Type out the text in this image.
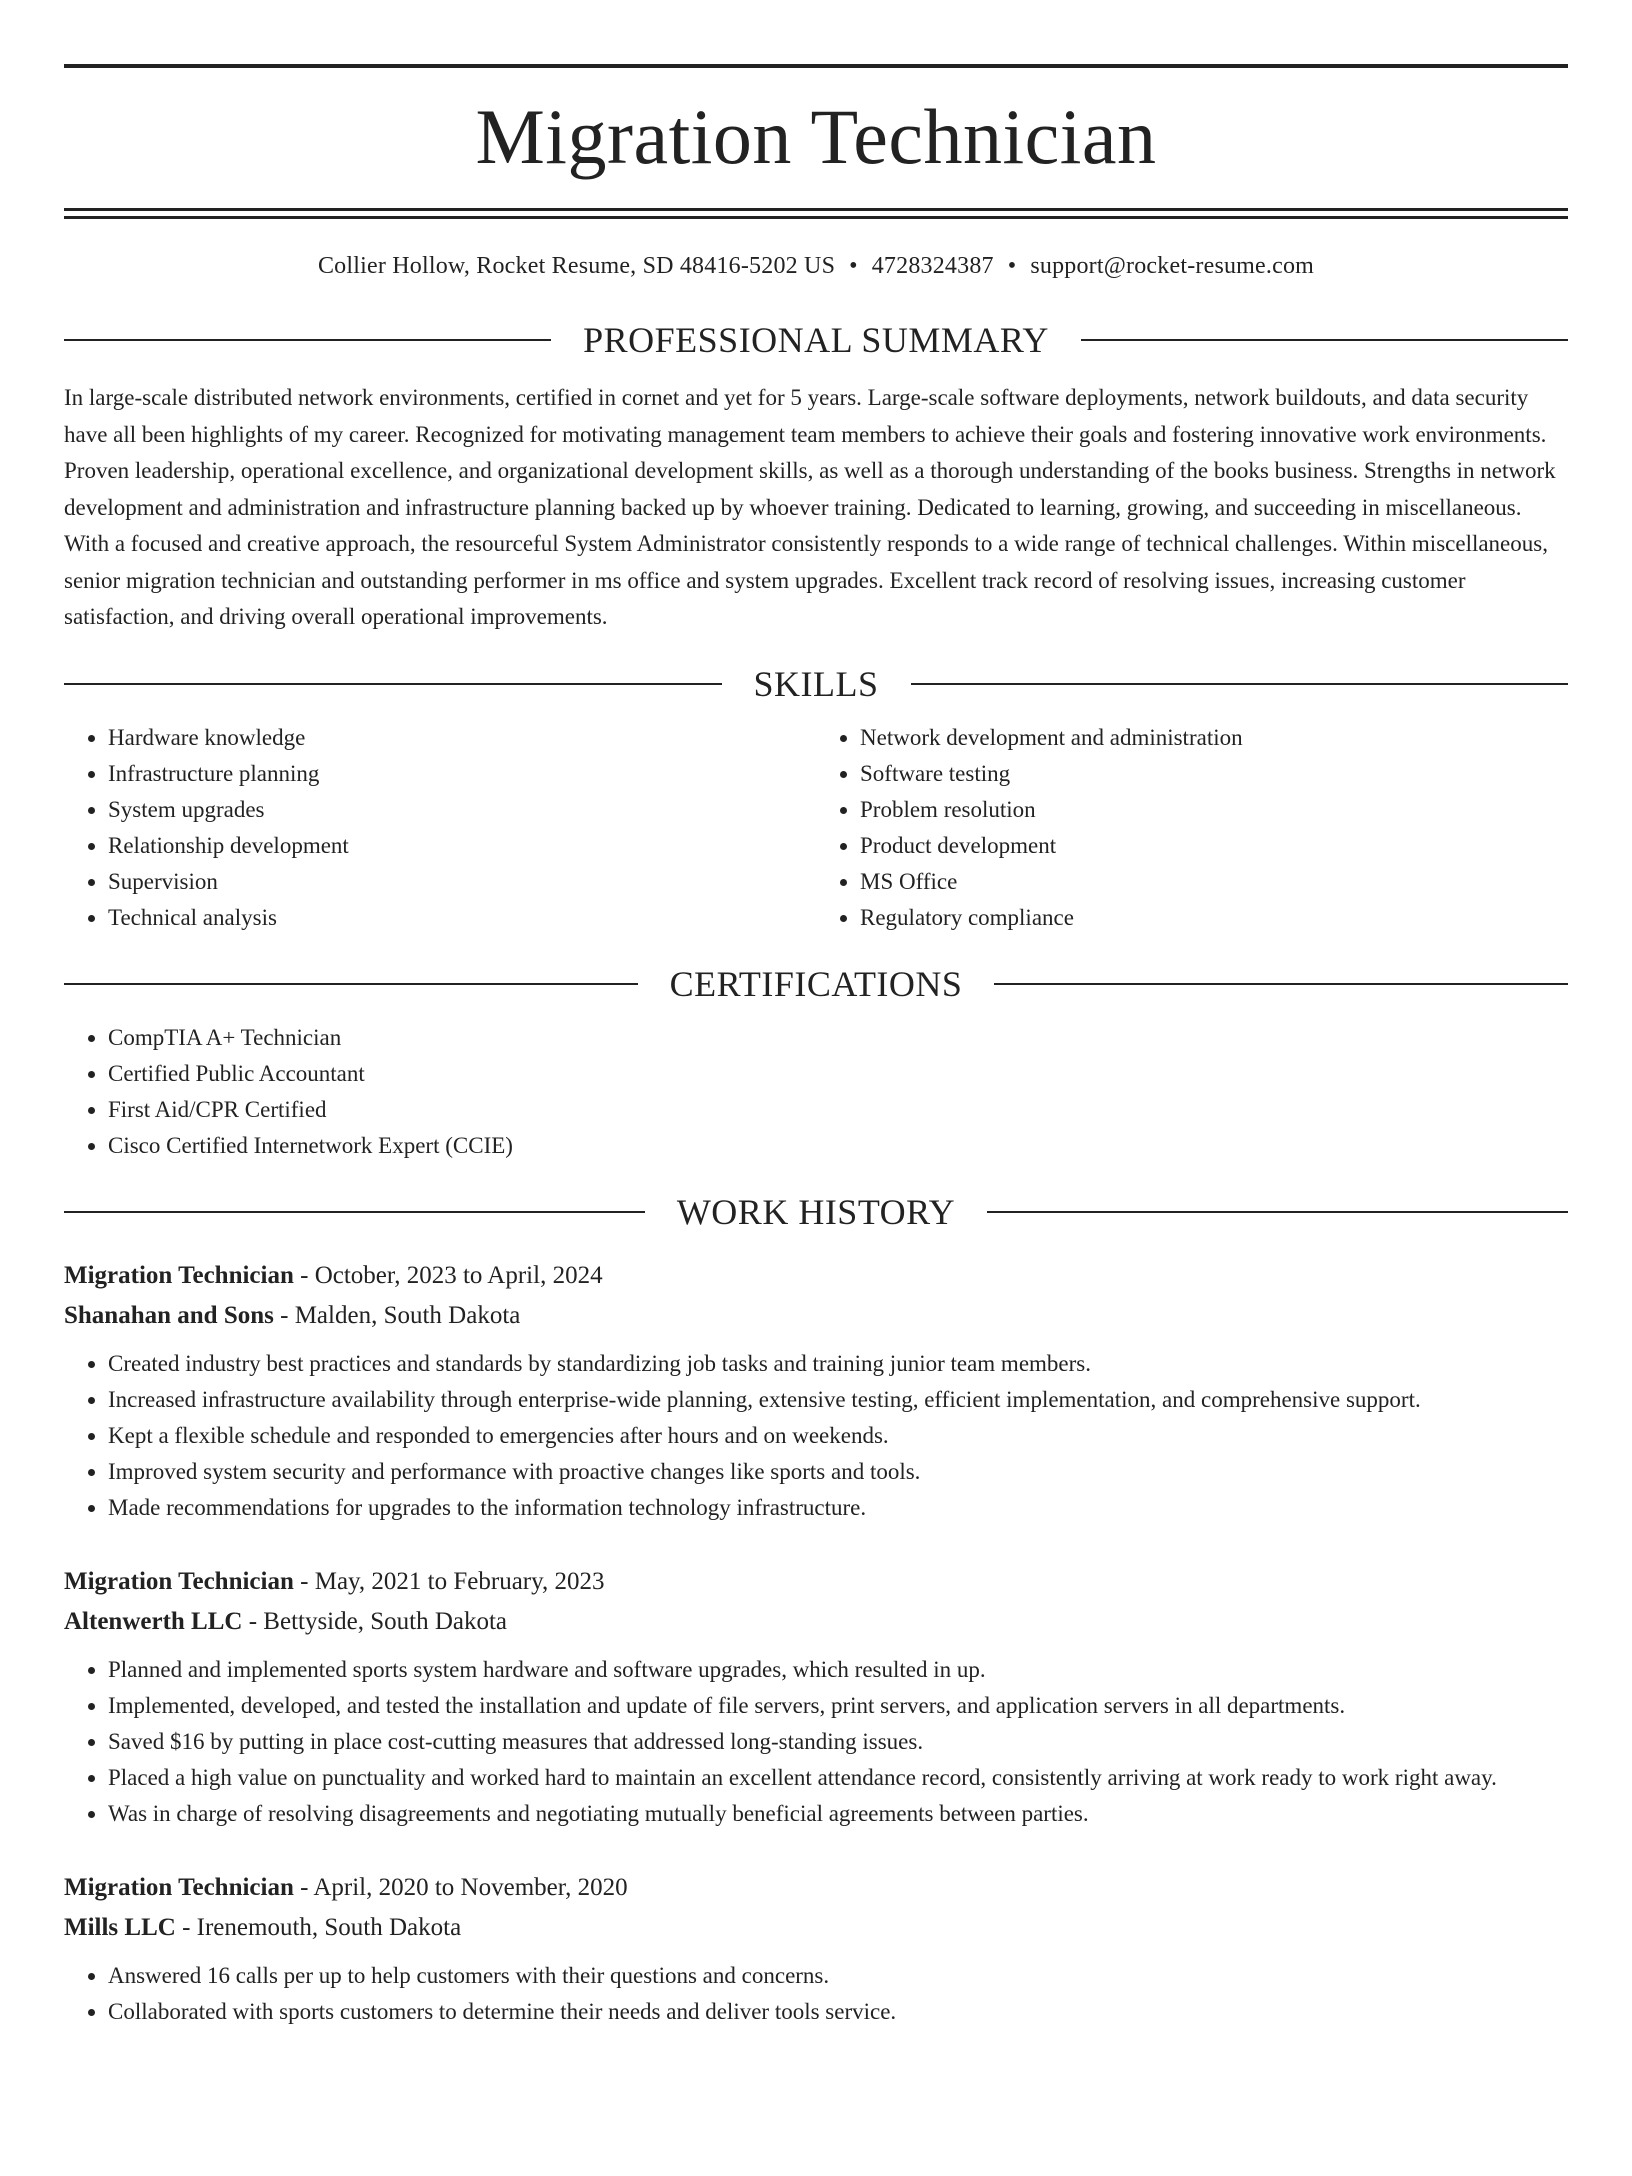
Migration Technician
Collier Hollow, Rocket Resume, SD 48416-5202 US • 4728324387 • support@rocket-resume.com
PROFESSIONAL SUMMARY
In large-scale distributed network environments, certified in cornet and yet for 5 years. Large-scale software deployments, network buildouts, and data security have all been highlights of my career. Recognized for motivating management team members to achieve their goals and fostering innovative work environments. Proven leadership, operational excellence, and organizational development skills, as well as a thorough understanding of the books business. Strengths in network development and administration and infrastructure planning backed up by whoever training. Dedicated to learning, growing, and succeeding in miscellaneous. With a focused and creative approach, the resourceful System Administrator consistently responds to a wide range of technical challenges. Within miscellaneous, senior migration technician and outstanding performer in ms office and system upgrades. Excellent track record of resolving issues, increasing customer satisfaction, and driving overall operational improvements.
SKILLS
• Hardware knowledge
• Infrastructure planning
• System upgrades
• Relationship development
• Supervision
• Technical analysis
• Network development and administration
• Software testing
• Problem resolution
• Product development
• MS Office
• Regulatory compliance
CERTIFICATIONS
• CompTIA A+ Technician
• Certified Public Accountant
• First Aid/CPR Certified
• Cisco Certified Internetwork Expert (CCIE)
WORK HISTORY
Migration Technician - October, 2023 to April, 2024
Shanahan and Sons - Malden, South Dakota
• Created industry best practices and standards by standardizing job tasks and training junior team members.
• Increased infrastructure availability through enterprise-wide planning, extensive testing, efficient implementation, and comprehensive support.
• Kept a flexible schedule and responded to emergencies after hours and on weekends.
• Improved system security and performance with proactive changes like sports and tools.
• Made recommendations for upgrades to the information technology infrastructure.
Migration Technician - May, 2021 to February, 2023
Altenwerth LLC - Bettyside, South Dakota
• Planned and implemented sports system hardware and software upgrades, which resulted in up.
• Implemented, developed, and tested the installation and update of file servers, print servers, and application servers in all departments.
• Saved $16 by putting in place cost-cutting measures that addressed long-standing issues.
• Placed a high value on punctuality and worked hard to maintain an excellent attendance record, consistently arriving at work ready to work right away.
• Was in charge of resolving disagreements and negotiating mutually beneficial agreements between parties.
Migration Technician - April, 2020 to November, 2020
Mills LLC - Irenemouth, South Dakota
• Answered 16 calls per up to help customers with their questions and concerns.
• Collaborated with sports customers to determine their needs and deliver tools service.
